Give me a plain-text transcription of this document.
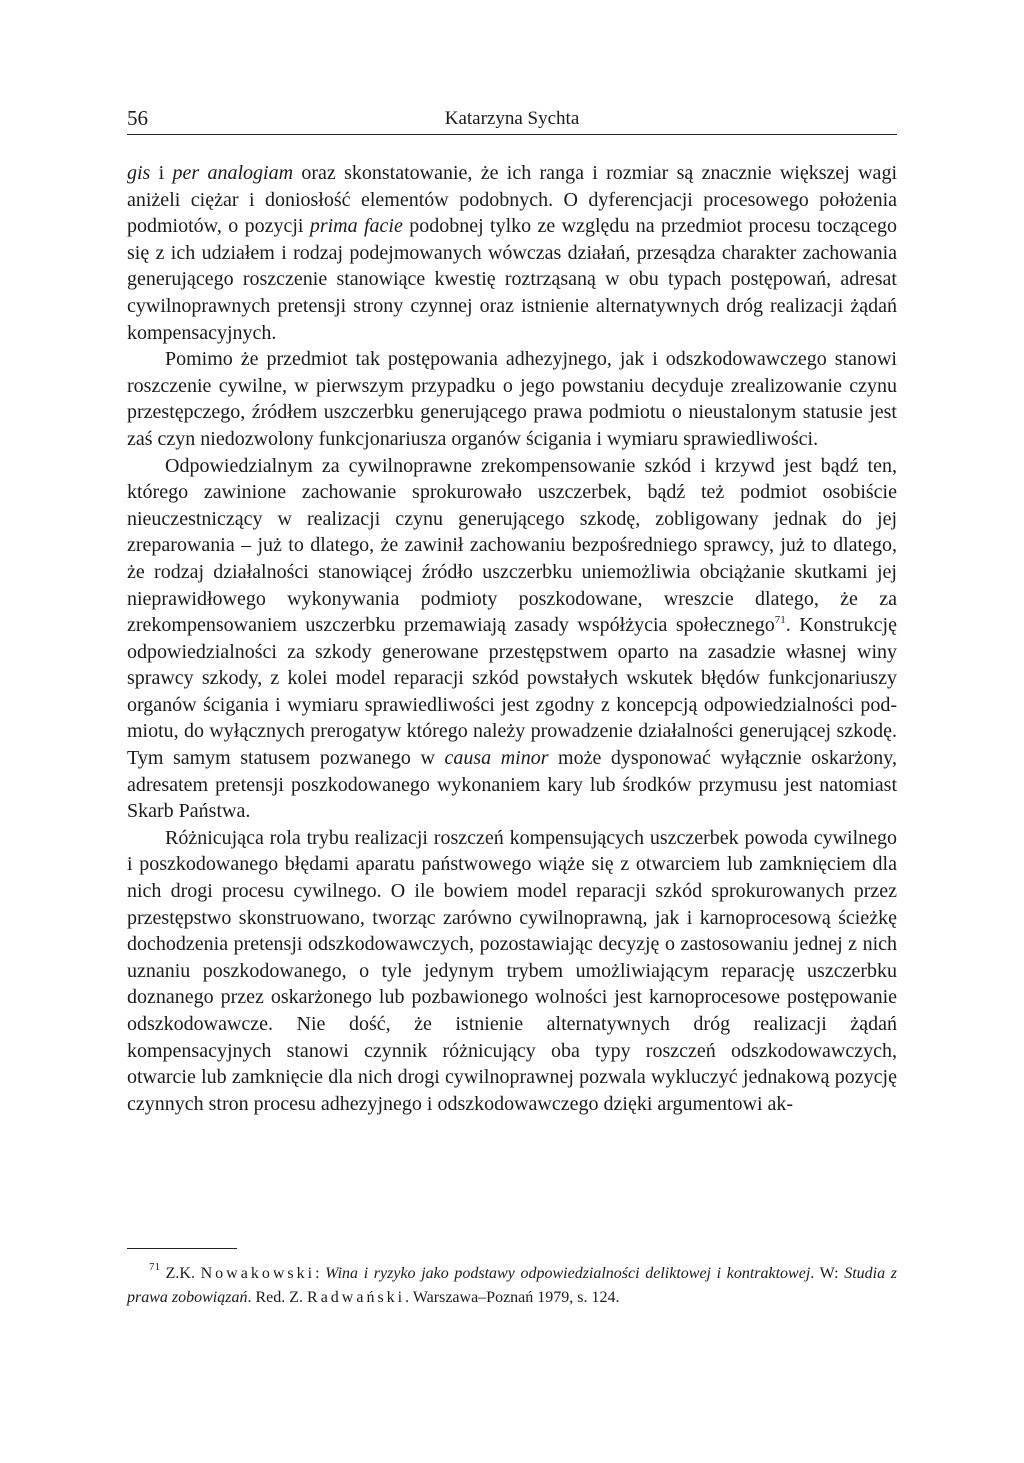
56	Katarzyna Sychta

gis i per analogiam oraz skonstatowanie, że ich ranga i rozmiar są znacznie większej wagi aniżeli ciężar i doniosłość elementów podobnych. O dyferencjacji procesowego położenia podmiotów, o pozycji prima facie podobnej tylko ze względu na przedmiot procesu toczącego się z ich udziałem i rodzaj podejmowanych wówczas działań, przesądza charakter zachowania generującego roszczenie stanowiące kwestię roztrząsaną w obu typach postępowań, adresat cywilnoprawnych pretensji strony czynnej oraz istnienie alternatywnych dróg realizacji żądań kompensacyjnych.

Pomimo że przedmiot tak postępowania adhezyjnego, jak i odszkodowawczego stanowi roszczenie cywilne, w pierwszym przypadku o jego powstaniu decyduje zrealizowanie czynu przestępczego, źródłem uszczerbku generującego prawa podmiotu o nieustalonym statusie jest zaś czyn niedozwolony funkcjonariusza organów ścigania i wymiaru sprawiedliwości.

Odpowiedzialnym za cywilnoprawne zrekompensowanie szkód i krzywd jest bądź ten, którego zawinione zachowanie sprokurowało uszczerbek, bądź też podmiot osobiście nieuczestniczący w realizacji czynu generującego szkodę, zobligowany jednak do jej zreparowania – już to dlatego, że zawinił zachowaniu bezpośredniego sprawcy, już to dlatego, że rodzaj działalności stanowiącej źródło uszczerbku uniemożliwia obciążanie skutkami jej nieprawidłowego wykonywania podmioty poszkodowane, wreszcie dlatego, że za zrekompensowaniem uszczerbku przemawiają zasady współżycia społecznego$^{71}$. Konstrukcję odpowiedzialności za szkody generowane przestępstwem oparto na zasadzie własnej winy sprawcy szkody, z kolei model reparacji szkód powstałych wskutek błędów funkcjonariuszy organów ścigania i wymiaru sprawiedliwości jest zgodny z koncepcją odpowiedzialności podmiotu, do wyłącznych prerogatyw którego należy prowadzenie działalności generującej szkodę. Tym samym statusem pozwanego w causa minor może dysponować wyłącznie oskarżony, adresatem pretensji poszkodowanego wykonaniem kary lub środków przymusu jest natomiast Skarb Państwa.

Różnicująca rola trybu realizacji roszczeń kompensujących uszczerbek powoda cywilnego i poszkodowanego błędami aparatu państwowego wiąże się z otwarciem lub zamknięciem dla nich drogi procesu cywilnego. O ile bowiem model reparacji szkód sprokurowanych przez przestępstwo skonstruowano, tworząc zarówno cywilnoprawną, jak i karnoprocesową ścieżkę dochodzenia pretensji odszkodowawczych, pozostawiając decyzję o zastosowaniu jednej z nich uznaniu poszkodowanego, o tyle jedynym trybem umożliwiającym reparację uszczerbku doznanego przez oskarżonego lub pozbawionego wolności jest karnoprocesowe postępowanie odszkodowawcze. Nie dość, że istnienie alternatywnych dróg realizacji żądań kompensacyjnych stanowi czynnik różnicujący oba typy roszczeń odszkodowawczych, otwarcie lub zamknięcie dla nich drogi cywilnoprawnej pozwala wykluczyć jednakową pozycję czynnych stron procesu adhezyjnego i odszkodowawczego dzięki argumentowi ak-

$^{71}$ Z.K. Nowakowski: Wina i ryzyko jako podstawy odpowiedzialności deliktowej i kontraktowej. W: Studia z prawa zobowiązań. Red. Z. Radwański. Warszawa–Poznań 1979, s. 124.
